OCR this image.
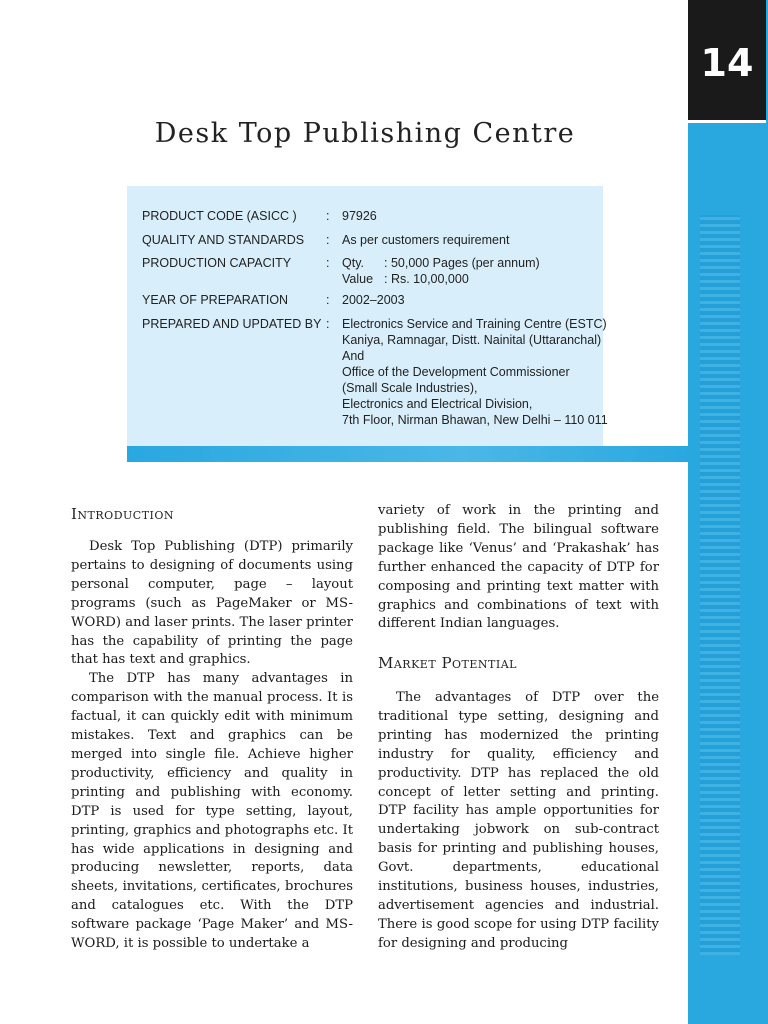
14
Desk Top Publishing Centre
PRODUCT CODE (ASICC )	: 97926
QUALITY AND STANDARDS	: As per customers requirement
PRODUCTION CAPACITY	: Qty. : 50,000 Pages (per annum)
Value : Rs. 10,00,000
YEAR OF PREPARATION	: 2002–2003
PREPARED AND UPDATED BY : Electronics Service and Training Centre (ESTC)
Kaniya, Ramnagar, Distt. Nainital (Uttaranchal)
And
Office of the Development Commissioner
(Small Scale Industries),
Electronics and Electrical Division,
7th Floor, Nirman Bhawan, New Delhi – 110 011
Introduction

Desk Top Publishing (DTP) primarily pertains to designing of documents using personal computer, page – layout programs (such as PageMaker or MS-WORD) and laser prints. The laser printer has the capability of printing the page that has text and graphics.

The DTP has many advantages in comparison with the manual process. It is factual, it can quickly edit with minimum mistakes. Text and graphics can be merged into single file. Achieve higher productivity, efficiency and quality in printing and publishing with economy. DTP is used for type setting, layout, printing, graphics and photographs etc. It has wide applications in designing and producing newsletter, reports, data sheets, invitations, certificates, brochures and catalogues etc. With the DTP software package ‘Page Maker’ and MS-WORD, it is possible to undertake a

variety of work in the printing and publishing field. The bilingual software package like ‘Venus’ and ‘Prakashak’ has further enhanced the capacity of DTP for composing and printing text matter with graphics and combinations of text with different Indian languages.

Market Potential

The advantages of DTP over the traditional type setting, designing and printing has modernized the printing industry for quality, efficiency and productivity. DTP has replaced the old concept of letter setting and printing. DTP facility has ample opportunities for undertaking jobwork on sub-contract basis for printing and publishing houses, Govt. departments, educational institutions, business houses, industries, advertisement agencies and industrial. There is good scope for using DTP facility for designing and producing
